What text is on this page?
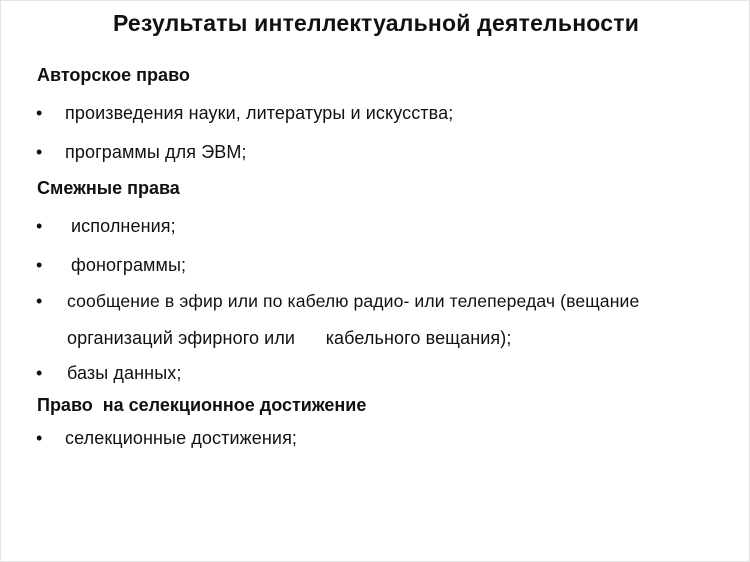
Результаты интеллектуальной деятельности
Авторское право
• произведения науки, литературы и искусства;
• программы для ЭВМ;
Смежные права
• исполнения;
• фонограммы;
• сообщение в эфир или по кабелю радио- или телепередач (вещание
организаций эфирного или      кабельного вещания);
• базы данных;
Право  на селекционное достижение
• селекционные достижения;
